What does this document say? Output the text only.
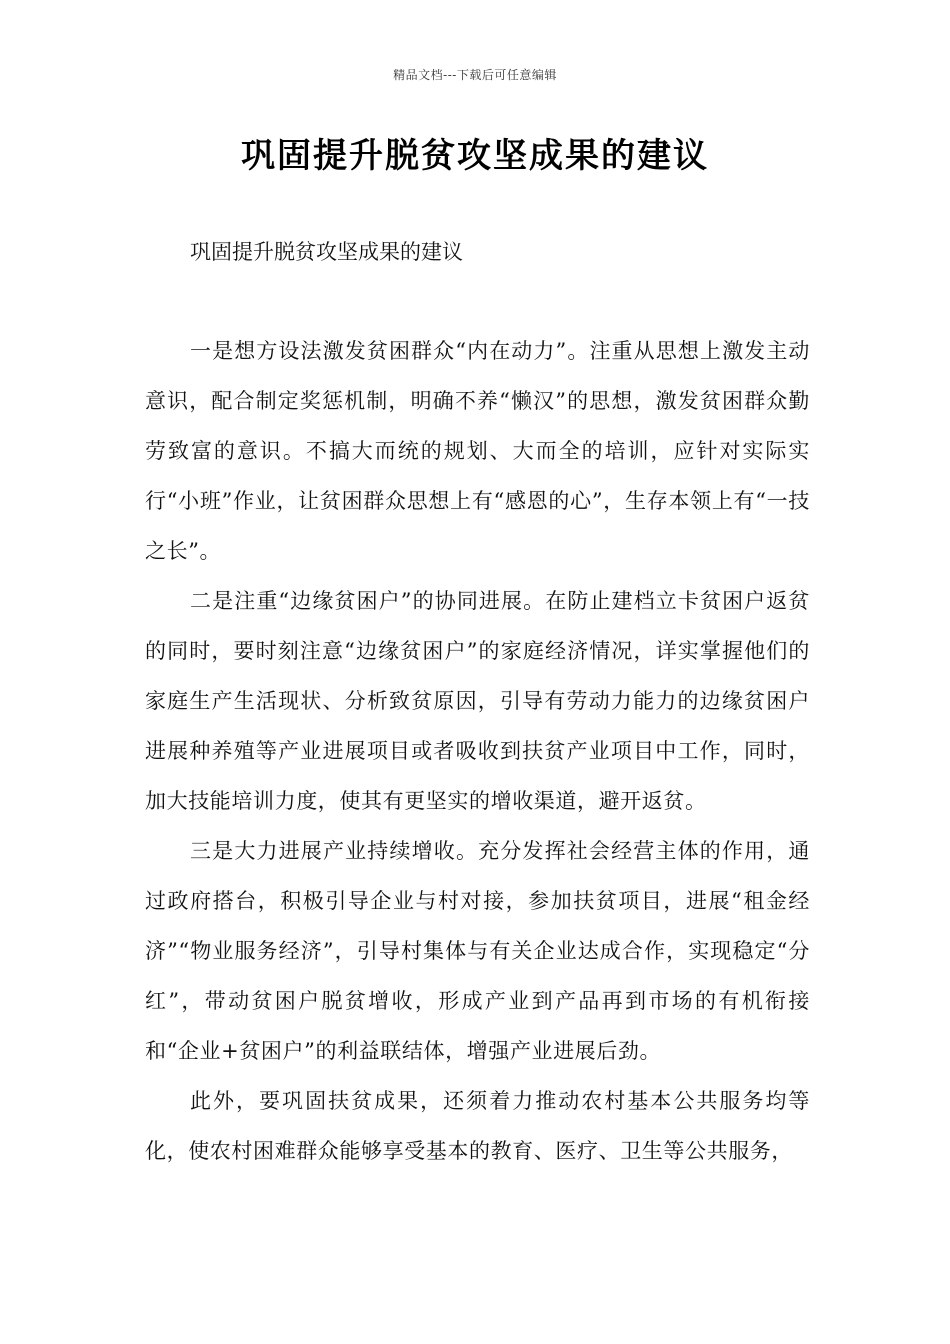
精品文档---下载后可任意编辑
巩固提升脱贫攻坚成果的建议
巩固提升脱贫攻坚成果的建议

一是想方设法激发贫困群众“内在动力”。注重从思想上激发主动意识，配合制定奖惩机制，明确不养“懒汉”的思想，激发贫困群众勤劳致富的意识。不搞大而统的规划、大而全的培训，应针对实际实行“小班”作业，让贫困群众思想上有“感恩的心”，生存本领上有“一技之长”。

二是注重“边缘贫困户”的协同进展。在防止建档立卡贫困户返贫的同时，要时刻注意“边缘贫困户”的家庭经济情况，详实掌握他们的家庭生产生活现状、分析致贫原因，引导有劳动力能力的边缘贫困户进展种养殖等产业进展项目或者吸收到扶贫产业项目中工作，同时，加大技能培训力度，使其有更坚实的增收渠道，避开返贫。

三是大力进展产业持续增收。充分发挥社会经营主体的作用，通过政府搭台，积极引导企业与村对接，参加扶贫项目，进展“租金经济”“物业服务经济”，引导村集体与有关企业达成合作，实现稳定“分红”，带动贫困户脱贫增收，形成产业到产品再到市场的有机衔接和“企业+贫困户”的利益联结体，增强产业进展后劲。

此外，要巩固扶贫成果，还须着力推动农村基本公共服务均等化，使农村困难群众能够享受基本的教育、医疗、卫生等公共服务，
